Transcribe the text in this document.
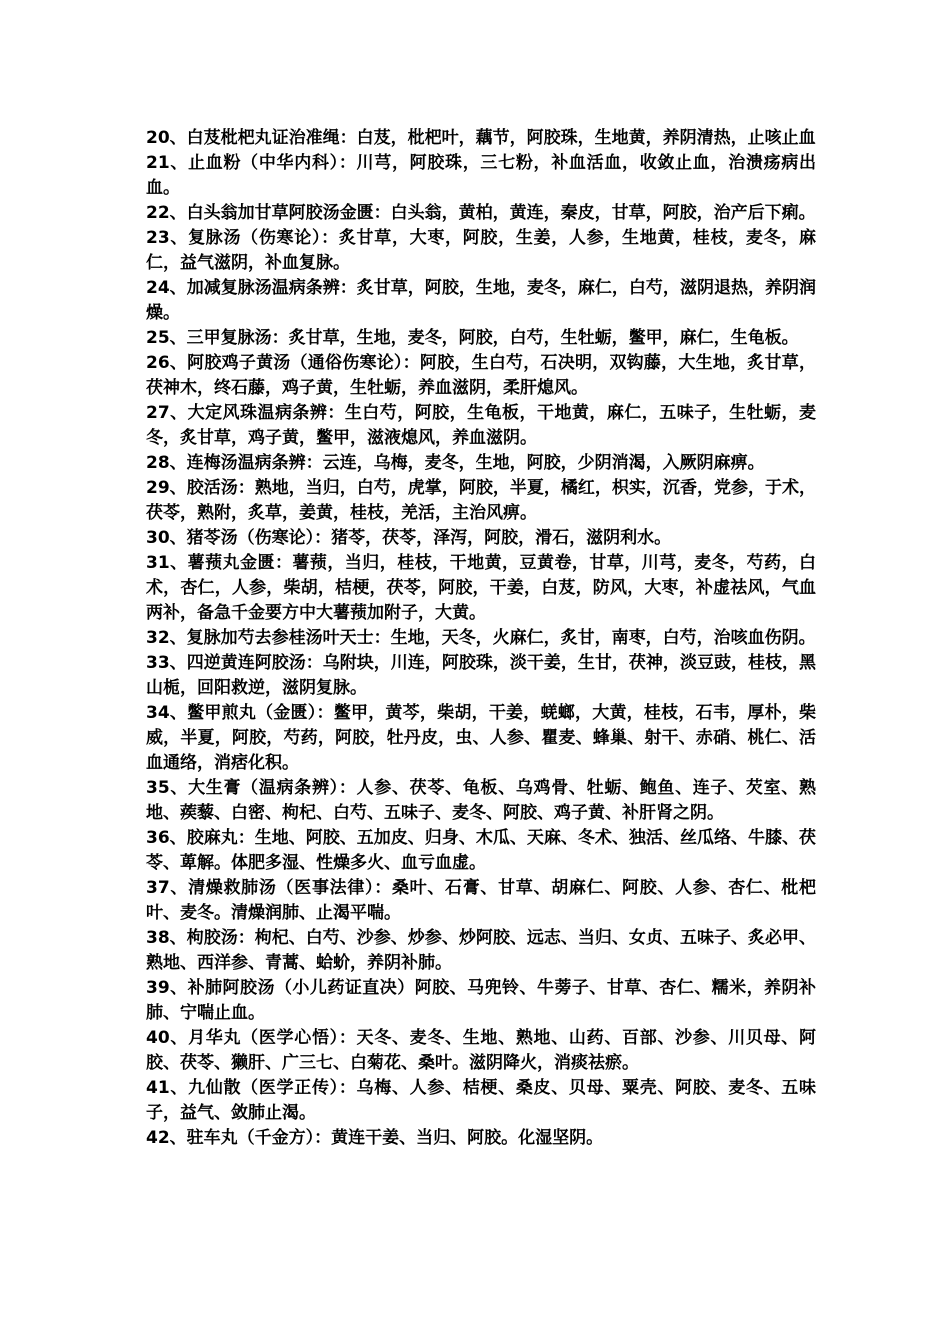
20、白芨枇杷丸证治准绳：白芨，枇杷叶，藕节，阿胶珠，生地黄，养阴清热，止咳止血

21、止血粉（中华内科）：川芎，阿胶珠，三七粉，补血活血，收敛止血，治溃疡病出血。

22、白头翁加甘草阿胶汤金匮：白头翁，黄柏，黄连，秦皮，甘草，阿胶，治产后下痢。

23、复脉汤（伤寒论）：炙甘草，大枣，阿胶，生姜，人参，生地黄，桂枝，麦冬，麻仁，益气滋阴，补血复脉。

24、加减复脉汤温病条辨：炙甘草，阿胶，生地，麦冬，麻仁，白芍，滋阴退热，养阴润燥。

25、三甲复脉汤：炙甘草，生地，麦冬，阿胶，白芍，生牡蛎，鳖甲，麻仁，生龟板。

26、阿胶鸡子黄汤（通俗伤寒论）：阿胶，生白芍，石决明，双钩藤，大生地，炙甘草，茯神木，终石藤，鸡子黄，生牡蛎，养血滋阴，柔肝熄风。

27、大定风珠温病条辨：生白芍，阿胶，生龟板，干地黄，麻仁，五味子，生牡蛎，麦冬，炙甘草，鸡子黄，鳖甲，滋液熄风，养血滋阴。

28、连梅汤温病条辨：云连，乌梅，麦冬，生地，阿胶，少阴消渴，入厥阴麻痹。

29、胶活汤：熟地，当归，白芍，虎掌，阿胶，半夏，橘红，枳实，沉香，党参，于术，茯苓，熟附，炙草，姜黄，桂枝，羌活，主治风痹。

30、猪苓汤（伤寒论）：猪苓，茯苓，泽泻，阿胶，滑石，滋阴利水。

31、薯蓣丸金匮：薯蓣，当归，桂枝，干地黄，豆黄卷，甘草，川芎，麦冬，芍药，白术，杏仁，人参，柴胡，桔梗，茯苓，阿胶，干姜，白芨，防风，大枣，补虚祛风，气血两补，备急千金要方中大薯蓣加附子，大黄。

32、复脉加芍去参桂汤叶天士：生地，天冬，火麻仁，炙甘，南枣，白芍，治咳血伤阴。

33、四逆黄连阿胶汤：乌附块，川连，阿胶珠，淡干姜，生甘，茯神，淡豆豉，桂枝，黑山栀，回阳救逆，滋阴复脉。

34、鳖甲煎丸（金匮）：鳖甲，黄芩，柴胡，干姜，蜣螂，大黄，桂枝，石韦，厚朴，柴威，半夏，阿胶，芍药，阿胶，牡丹皮，虫、人参、瞿麦、蜂巢、射干、赤硝、桃仁、活血通络，消痞化积。

35、大生膏（温病条辨）：人参、茯苓、龟板、乌鸡骨、牡蛎、鲍鱼、连子、芡室、熟地、蒺藜、白密、枸杞、白芍、五味子、麦冬、阿胶、鸡子黄、补肝肾之阴。

36、胶麻丸：生地、阿胶、五加皮、归身、木瓜、天麻、冬术、独活、丝瓜络、牛膝、茯苓、萆解。体肥多湿、性燥多火、血亏血虚。

37、清燥救肺汤（医事法律）：桑叶、石膏、甘草、胡麻仁、阿胶、人参、杏仁、枇杷叶、麦冬。清燥润肺、止渴平喘。

38、枸胶汤：枸杞、白芍、沙参、炒参、炒阿胶、远志、当归、女贞、五味子、炙必甲、熟地、西洋参、青蒿、蛤蚧，养阴补肺。

39、补肺阿胶汤（小儿药证直决）阿胶、马兜铃、牛蒡子、甘草、杏仁、糯米，养阴补肺、宁喘止血。

40、月华丸（医学心悟）：天冬、麦冬、生地、熟地、山药、百部、沙参、川贝母、阿胶、茯苓、獭肝、广三七、白菊花、桑叶。滋阴降火，消痰祛瘀。

41、九仙散（医学正传）：乌梅、人参、桔梗、桑皮、贝母、粟壳、阿胶、麦冬、五味子，益气、敛肺止渴。

42、驻车丸（千金方）：黄连干姜、当归、阿胶。化湿坚阴。
